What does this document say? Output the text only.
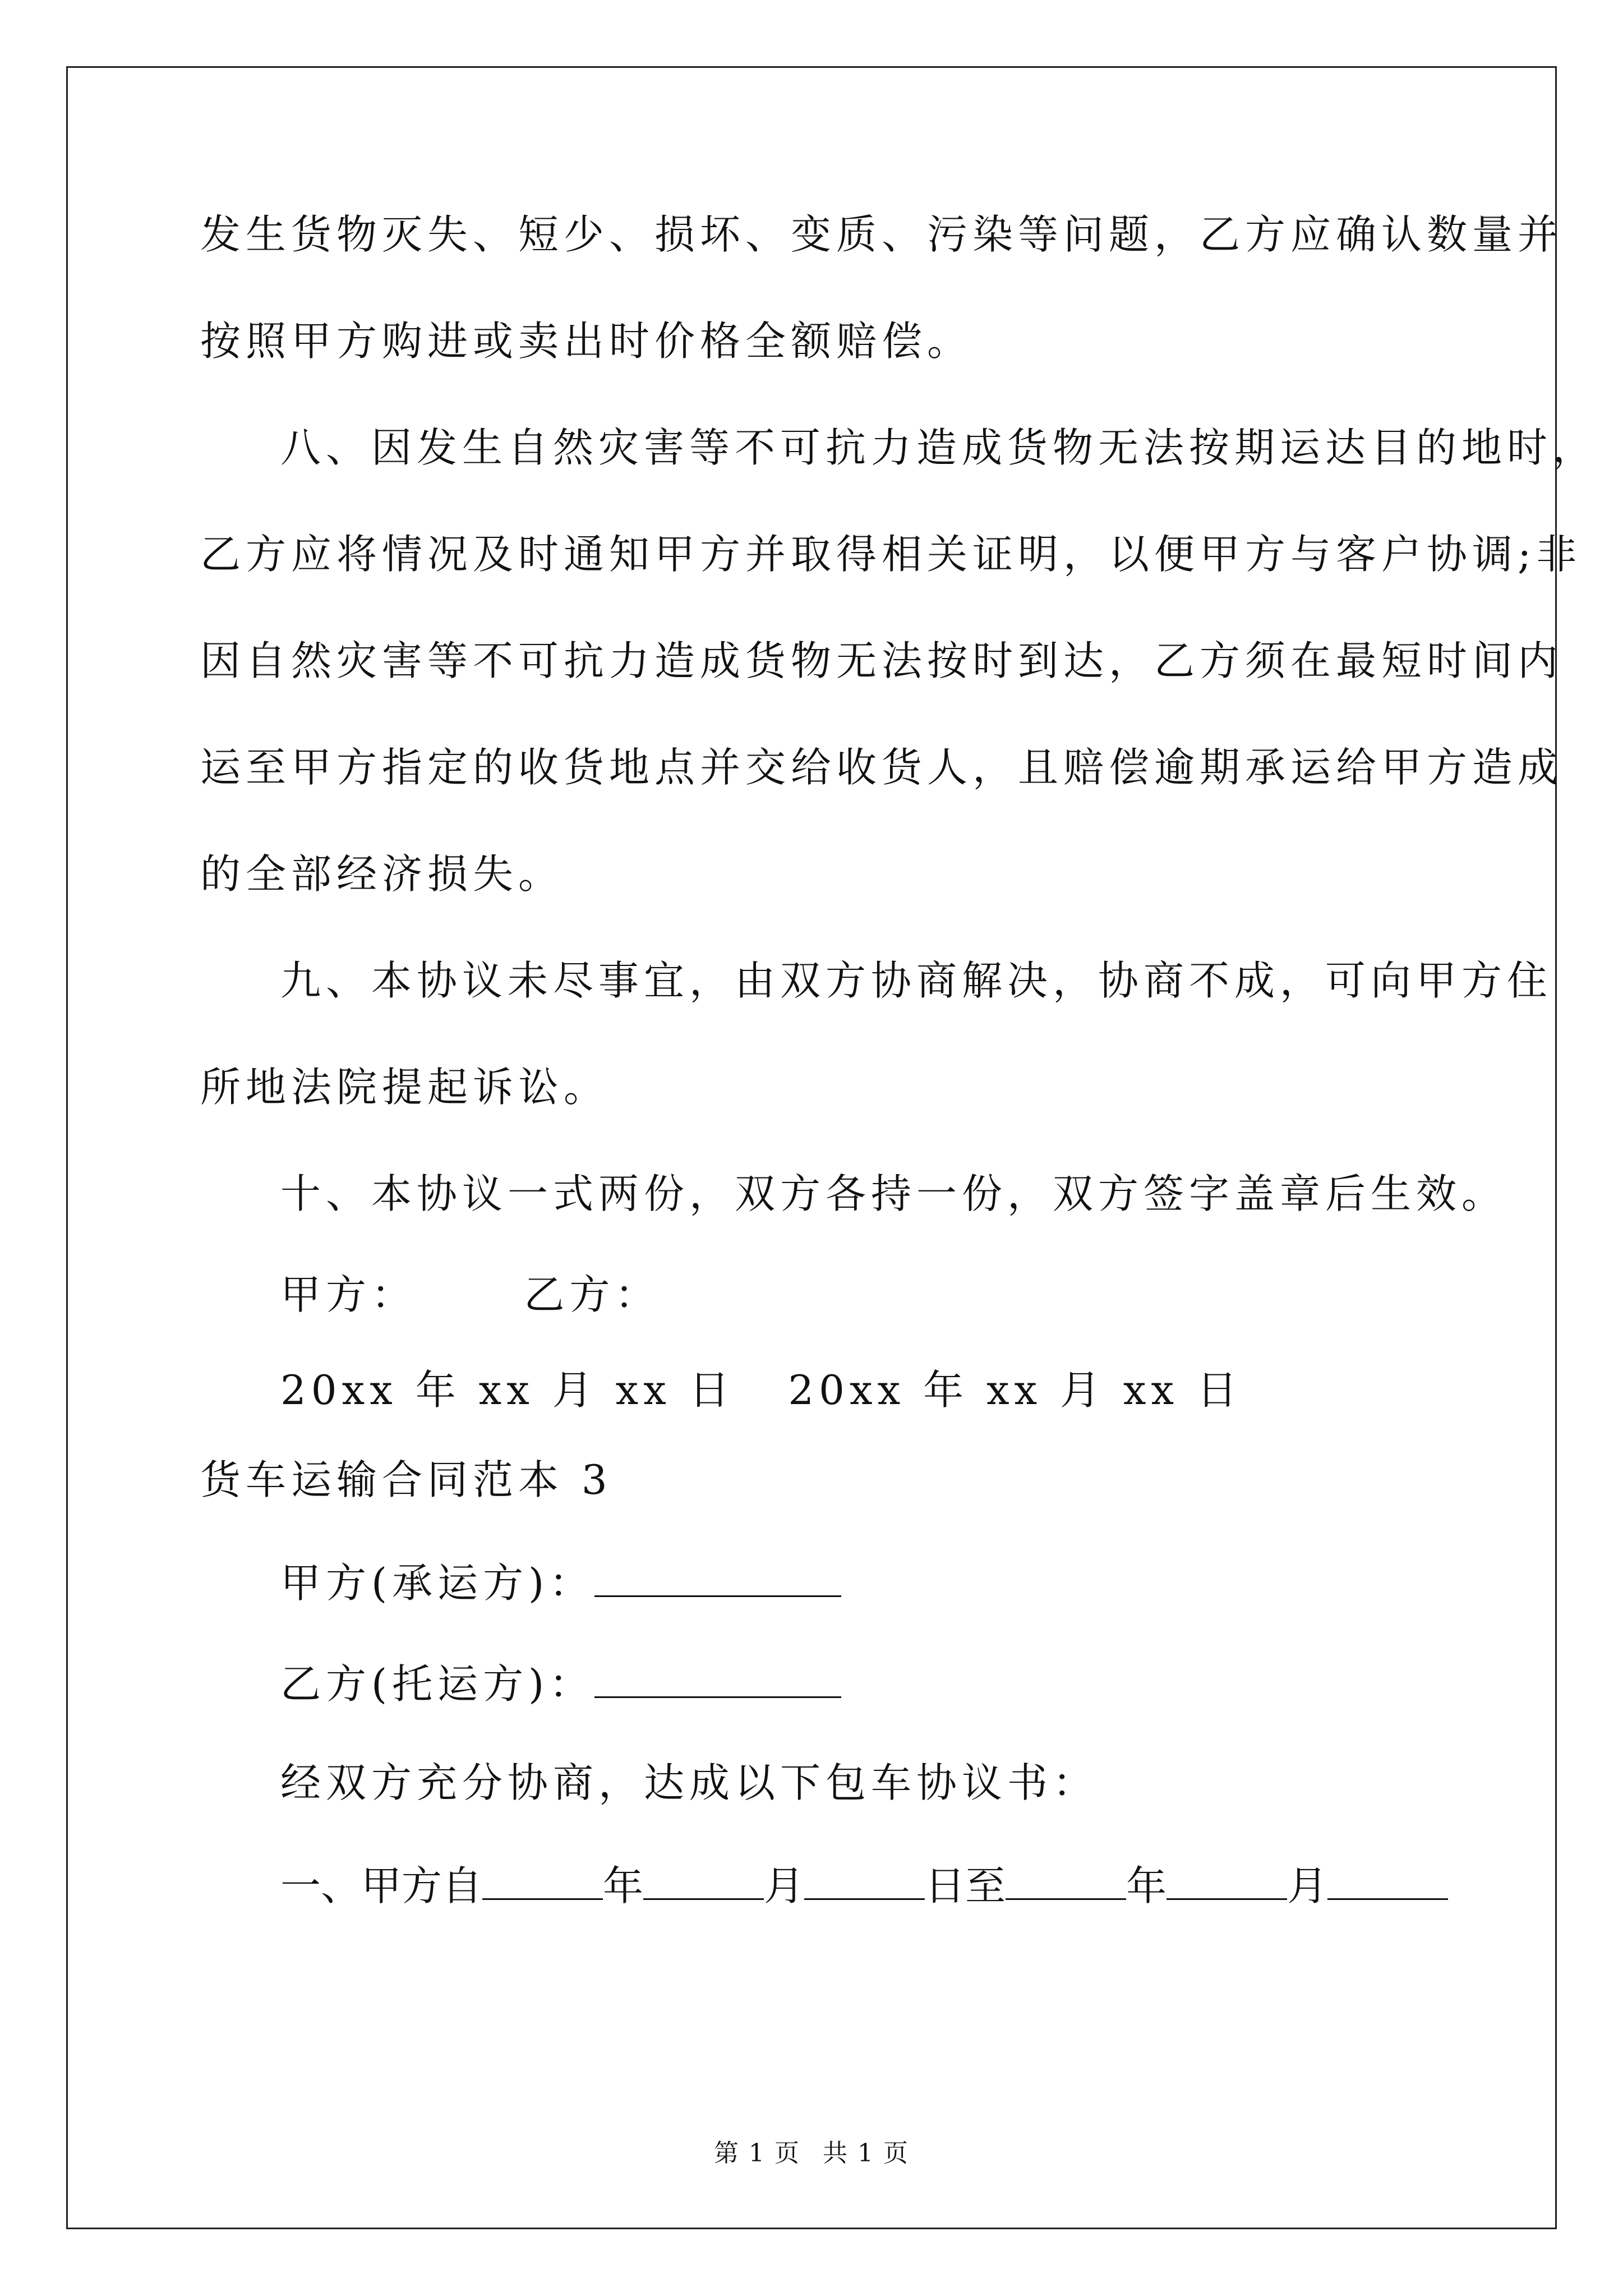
发生货物灭失、短少、损坏、变质、污染等问题，乙方应确认数量并
按照甲方购进或卖出时价格全额赔偿。
八、因发生自然灾害等不可抗力造成货物无法按期运达目的地时，
乙方应将情况及时通知甲方并取得相关证明，以便甲方与客户协调;非
因自然灾害等不可抗力造成货物无法按时到达，乙方须在最短时间内
运至甲方指定的收货地点并交给收货人，且赔偿逾期承运给甲方造成
的全部经济损失。
九、本协议未尽事宜，由双方协商解决，协商不成，可向甲方住
所地法院提起诉讼。
十、本协议一式两份，双方各持一份，双方签字盖章后生效。
甲方：      乙方：
20xx 年 xx 月 xx 日   20xx 年 xx 月 xx 日
货车运输合同范本 3
甲方(承运方)：
乙方(托运方)：
经双方充分协商，达成以下包车协议书：
一、甲方自	年	月	日至	年	月
第 1 页 共 1 页
